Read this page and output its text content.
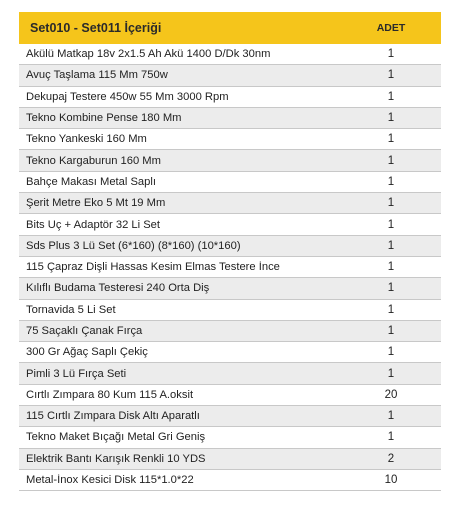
Set010 - Set011 İçeriği	ADET
Akülü Matkap 18v 2x1.5 Ah Akü 1400 D/Dk 30nm	1
Avuç Taşlama 115 Mm 750w	1
Dekupaj Testere 450w 55 Mm 3000 Rpm	1
Tekno Kombine Pense 180 Mm	1
Tekno Yankeski 160 Mm	1
Tekno Kargaburun 160 Mm	1
Bahçe Makası Metal Saplı	1
Şerit Metre Eko 5 Mt 19 Mm	1
Bits Uç + Adaptör 32 Li Set	1
Sds Plus 3 Lü Set (6*160) (8*160) (10*160)	1
115 Çapraz Dişli Hassas Kesim Elmas Testere İnce	1
Kılıflı Budama Testeresi 240 Orta Diş	1
Tornavida 5 Li Set	1
75 Saçaklı Çanak Fırça	1
300 Gr Ağaç Saplı Çekiç	1
Pimli 3 Lü Fırça Seti	1
Cırtlı Zımpara 80 Kum 115 A.oksit	20
115 Cırtlı Zımpara Disk Altı Aparatlı	1
Tekno Maket Bıçağı Metal Gri Geniş	1
Elektrik Bantı Karışık Renkli 10 YDS	2
Metal-İnox Kesici Disk 115*1.0*22	10
